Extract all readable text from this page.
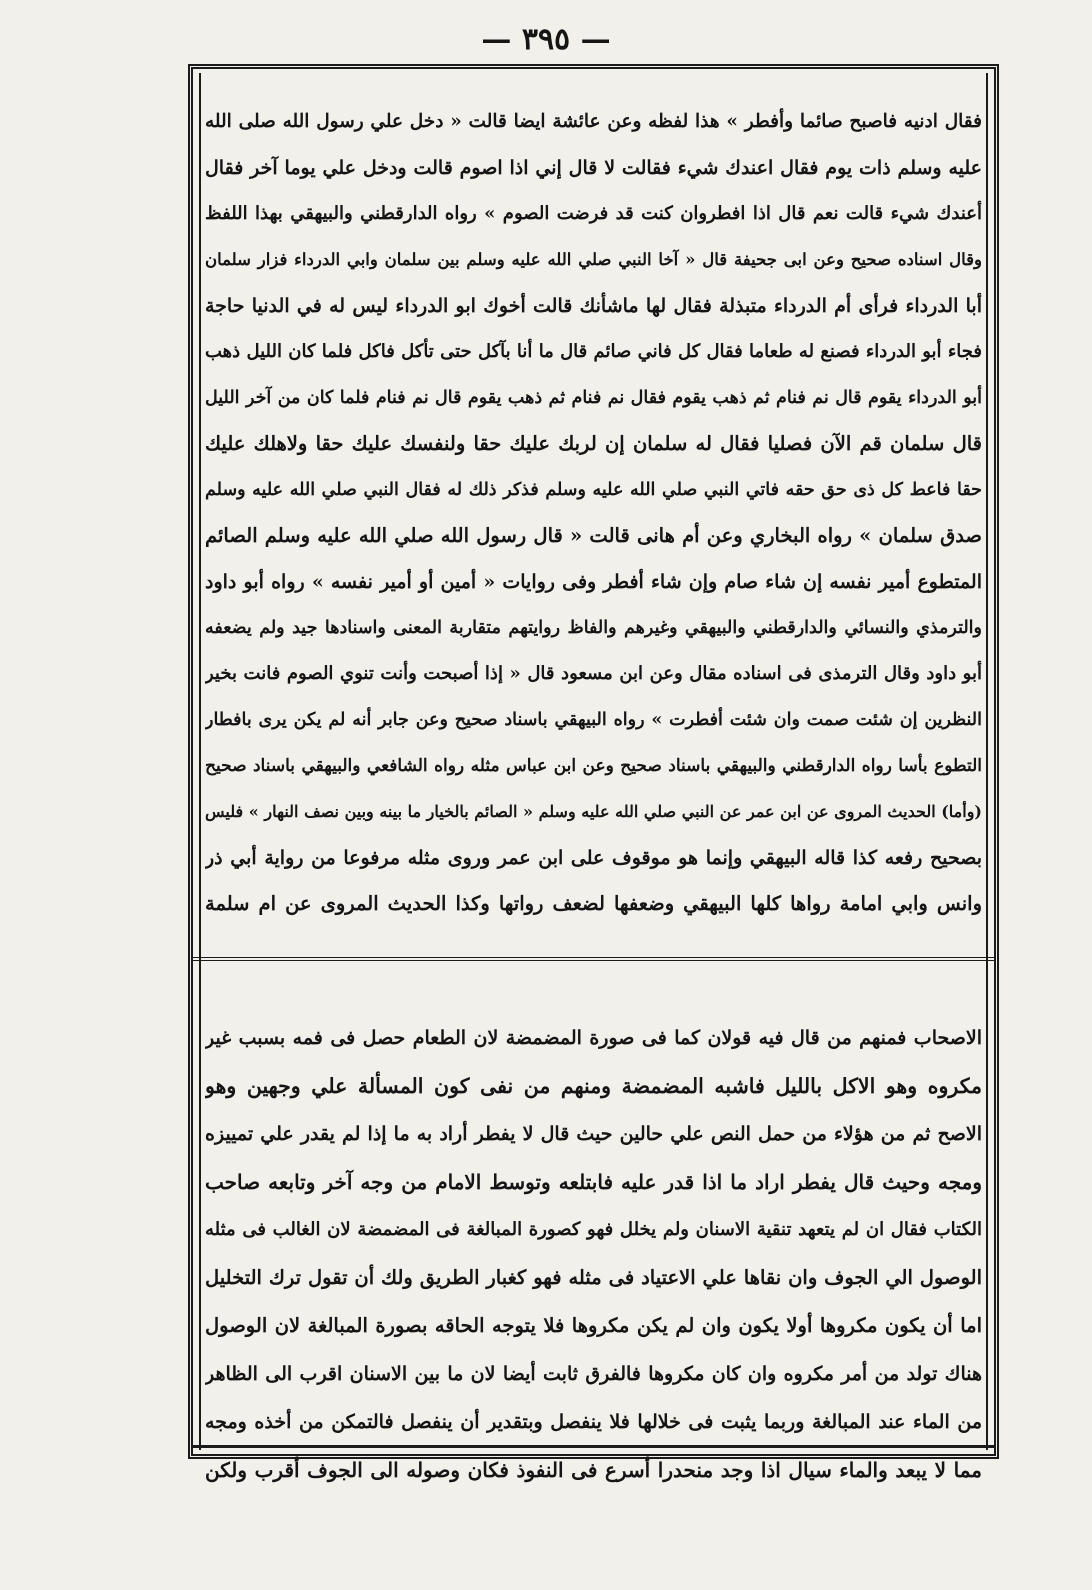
— ٣٩٥ —
فقال ادنيه فاصبح صائما وأفطر » هذا لفظه وعن عائشة ايضا قالت « دخل علي رسول الله صلى الله
عليه وسلم ذات يوم فقال اعندك شيء فقالت لا قال إني اذا اصوم قالت ودخل علي يوما آخر فقال
أعندك شيء قالت نعم قال اذا افطروان كنت قد فرضت الصوم » رواه الدارقطني والبيهقي بهذا اللفظ
وقال اسناده صحيح وعن ابى جحيفة قال « آخا النبي صلي الله عليه وسلم بين سلمان وابي الدرداء فزار سلمان
أبا الدرداء فرأى أم الدرداء متبذلة فقال لها ماشأنك قالت أخوك ابو الدرداء ليس له في الدنيا حاجة
فجاء أبو الدرداء فصنع له طعاما فقال كل فاني صائم قال ما أنا بآكل حتى تأكل فاكل فلما كان الليل ذهب
أبو الدرداء يقوم قال نم فنام ثم ذهب يقوم فقال نم فنام ثم ذهب يقوم قال نم فنام فلما كان من آخر الليل
قال سلمان قم الآن فصليا فقال له سلمان إن لربك عليك حقا ولنفسك عليك حقا ولاهلك عليك
حقا فاعط كل ذى حق حقه فاتي النبي صلي الله عليه وسلم فذكر ذلك له فقال النبي صلي الله عليه وسلم
صدق سلمان » رواه البخاري وعن أم هانى قالت « قال رسول الله صلي الله عليه وسلم الصائم
المتطوع أمير نفسه إن شاء صام وإن شاء أفطر وفى روايات « أمين أو أمير نفسه » رواه أبو داود
والترمذي والنسائي والدارقطني والبيهقي وغيرهم والفاظ روايتهم متقاربة المعنى واسنادها جيد ولم يضعفه
أبو داود وقال الترمذى فى اسناده مقال وعن ابن مسعود قال « إذا أصبحت وأنت تنوي الصوم فانت بخير
النظرين إن شئت صمت وان شئت أفطرت » رواه البيهقي باسناد صحيح وعن جابر أنه لم يكن يرى بافطار
التطوع بأسا رواه الدارقطني والبيهقي باسناد صحيح وعن ابن عباس مثله رواه الشافعي والبيهقي باسناد صحيح
(وأما) الحديث المروى عن ابن عمر عن النبي صلي الله عليه وسلم « الصائم بالخيار ما بينه وبين نصف النهار » فليس
بصحيح رفعه كذا قاله البيهقي وإنما هو موقوف على ابن عمر وروى مثله مرفوعا من رواية أبي ذر
وانس وابي امامة رواها كلها البيهقي وضعفها لضعف رواتها وكذا الحديث المروى عن ام سلمة
الاصحاب فمنهم من قال فيه قولان كما فى صورة المضمضة لان الطعام حصل فى فمه بسبب غير
مكروه وهو الاكل بالليل فاشبه المضمضة ومنهم من نفى كون المسألة علي وجهين وهو
الاصح ثم من هؤلاء من حمل النص علي حالين حيث قال لا يفطر أراد به ما إذا لم يقدر علي تمييزه
ومجه وحيث قال يفطر اراد ما اذا قدر عليه فابتلعه وتوسط الامام من وجه آخر وتابعه صاحب
الكتاب فقال ان لم يتعهد تنقية الاسنان ولم يخلل فهو كصورة المبالغة فى المضمضة لان الغالب فى مثله
الوصول الي الجوف وان نقاها علي الاعتياد فى مثله فهو كغبار الطريق ولك أن تقول ترك التخليل
اما أن يكون مكروها أولا يكون وان لم يكن مكروها فلا يتوجه الحاقه بصورة المبالغة لان الوصول
هناك تولد من أمر مكروه وان كان مكروها فالفرق ثابت أيضا لان ما بين الاسنان اقرب الى الظاهر
من الماء عند المبالغة وربما يثبت فى خلالها فلا ينفصل وبتقدير أن ينفصل فالتمكن من أخذه ومجه
مما لا يبعد والماء سيال اذا وجد منحدرا أسرع فى النفوذ فكان وصوله الى الجوف أقرب ولكن
